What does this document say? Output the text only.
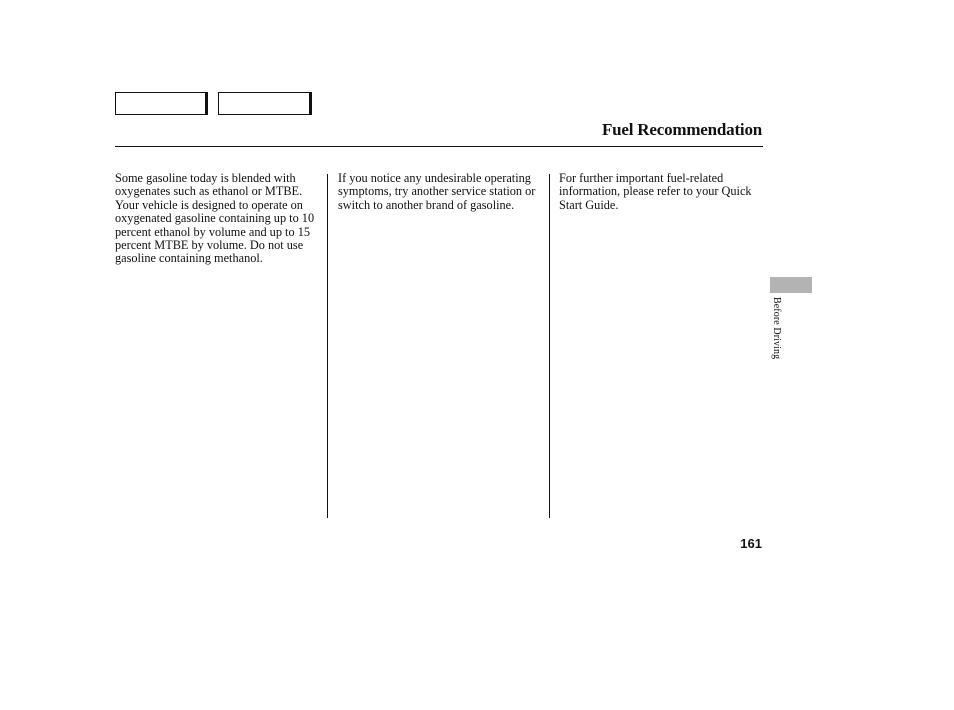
Fuel Recommendation
Some gasoline today is blended with oxygenates such as ethanol or MTBE. Your vehicle is designed to operate on oxygenated gasoline containing up to 10 percent ethanol by volume and up to 15 percent MTBE by volume. Do not use gasoline containing methanol.
If you notice any undesirable operating symptoms, try another service station or switch to another brand of gasoline.
For further important fuel-related information, please refer to your Quick Start Guide.
Before Driving
161
